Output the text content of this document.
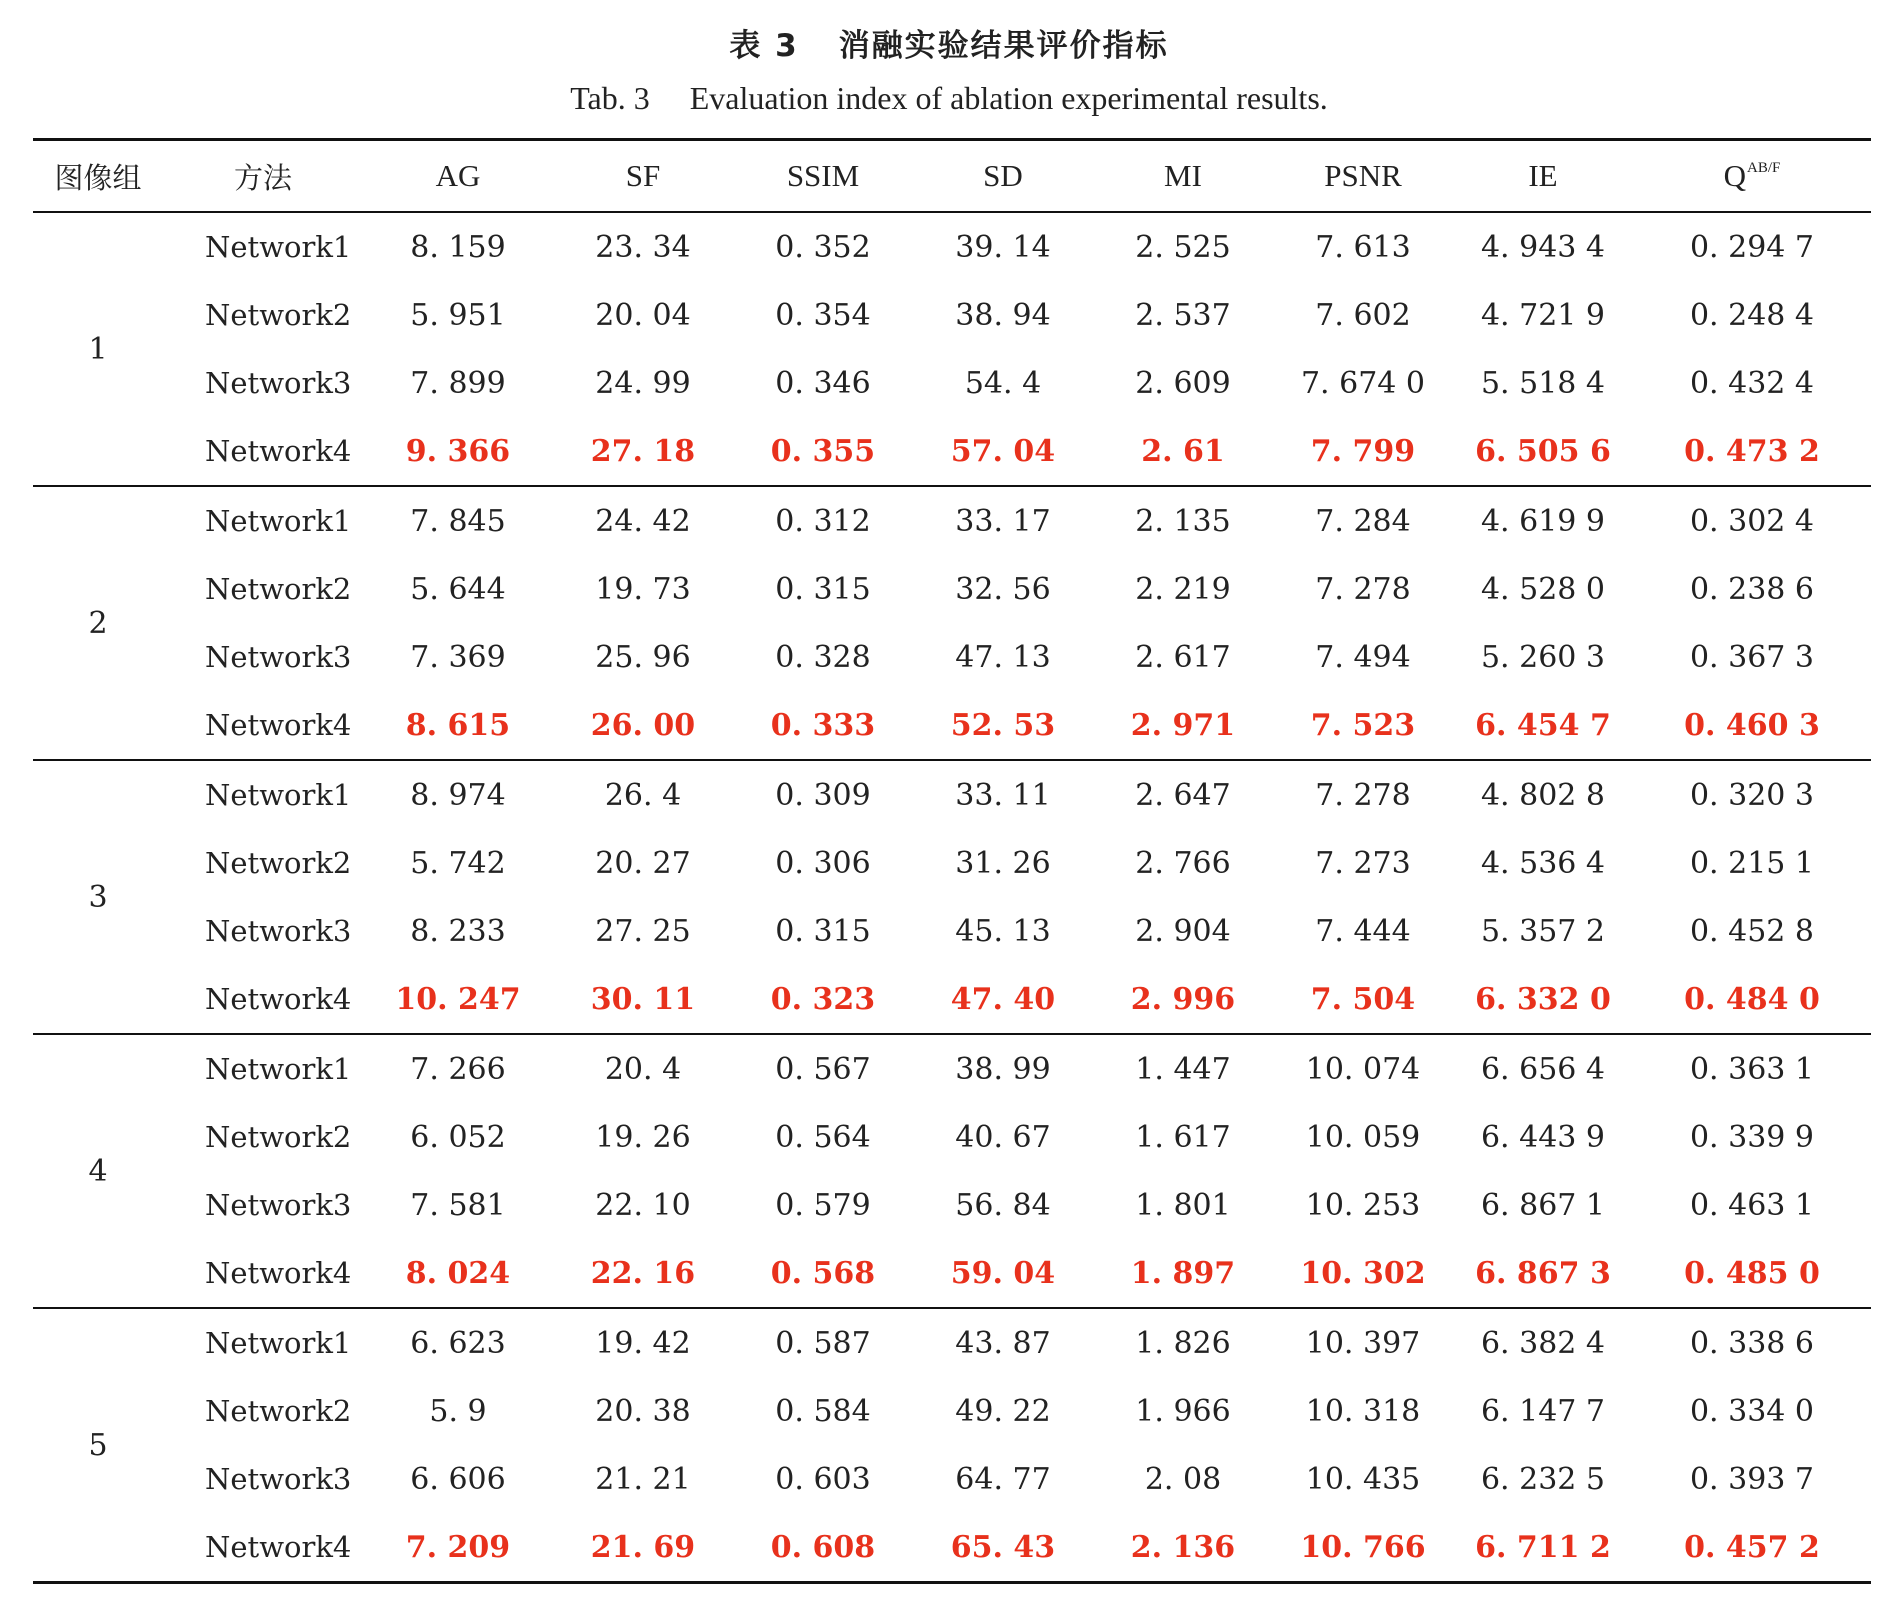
表 3 消融实验结果评价指标
Tab. 3 Evaluation index of ablation experimental results.
图像组	方法	AG	SF	SSIM	SD	MI	PSNR	IE	$Q^{AB/F}$
1	Network1	8. 159	23. 34	0. 352	39. 14	2. 525	7. 613	4. 943 4	0. 294 7
	Network2	5. 951	20. 04	0. 354	38. 94	2. 537	7. 602	4. 721 9	0. 248 4
	Network3	7. 899	24. 99	0. 346	54. 4	2. 609	7. 674 0	5. 518 4	0. 432 4
	Network4	9. 366	27. 18	0. 355	57. 04	2. 61	7. 799	6. 505 6	0. 473 2
2	Network1	7. 845	24. 42	0. 312	33. 17	2. 135	7. 284	4. 619 9	0. 302 4
	Network2	5. 644	19. 73	0. 315	32. 56	2. 219	7. 278	4. 528 0	0. 238 6
	Network3	7. 369	25. 96	0. 328	47. 13	2. 617	7. 494	5. 260 3	0. 367 3
	Network4	8. 615	26. 00	0. 333	52. 53	2. 971	7. 523	6. 454 7	0. 460 3
3	Network1	8. 974	26. 4	0. 309	33. 11	2. 647	7. 278	4. 802 8	0. 320 3
	Network2	5. 742	20. 27	0. 306	31. 26	2. 766	7. 273	4. 536 4	0. 215 1
	Network3	8. 233	27. 25	0. 315	45. 13	2. 904	7. 444	5. 357 2	0. 452 8
	Network4	10. 247	30. 11	0. 323	47. 40	2. 996	7. 504	6. 332 0	0. 484 0
4	Network1	7. 266	20. 4	0. 567	38. 99	1. 447	10. 074	6. 656 4	0. 363 1
	Network2	6. 052	19. 26	0. 564	40. 67	1. 617	10. 059	6. 443 9	0. 339 9
	Network3	7. 581	22. 10	0. 579	56. 84	1. 801	10. 253	6. 867 1	0. 463 1
	Network4	8. 024	22. 16	0. 568	59. 04	1. 897	10. 302	6. 867 3	0. 485 0
5	Network1	6. 623	19. 42	0. 587	43. 87	1. 826	10. 397	6. 382 4	0. 338 6
	Network2	5. 9	20. 38	0. 584	49. 22	1. 966	10. 318	6. 147 7	0. 334 0
	Network3	6. 606	21. 21	0. 603	64. 77	2. 08	10. 435	6. 232 5	0. 393 7
	Network4	7. 209	21. 69	0. 608	65. 43	2. 136	10. 766	6. 711 2	0. 457 2
